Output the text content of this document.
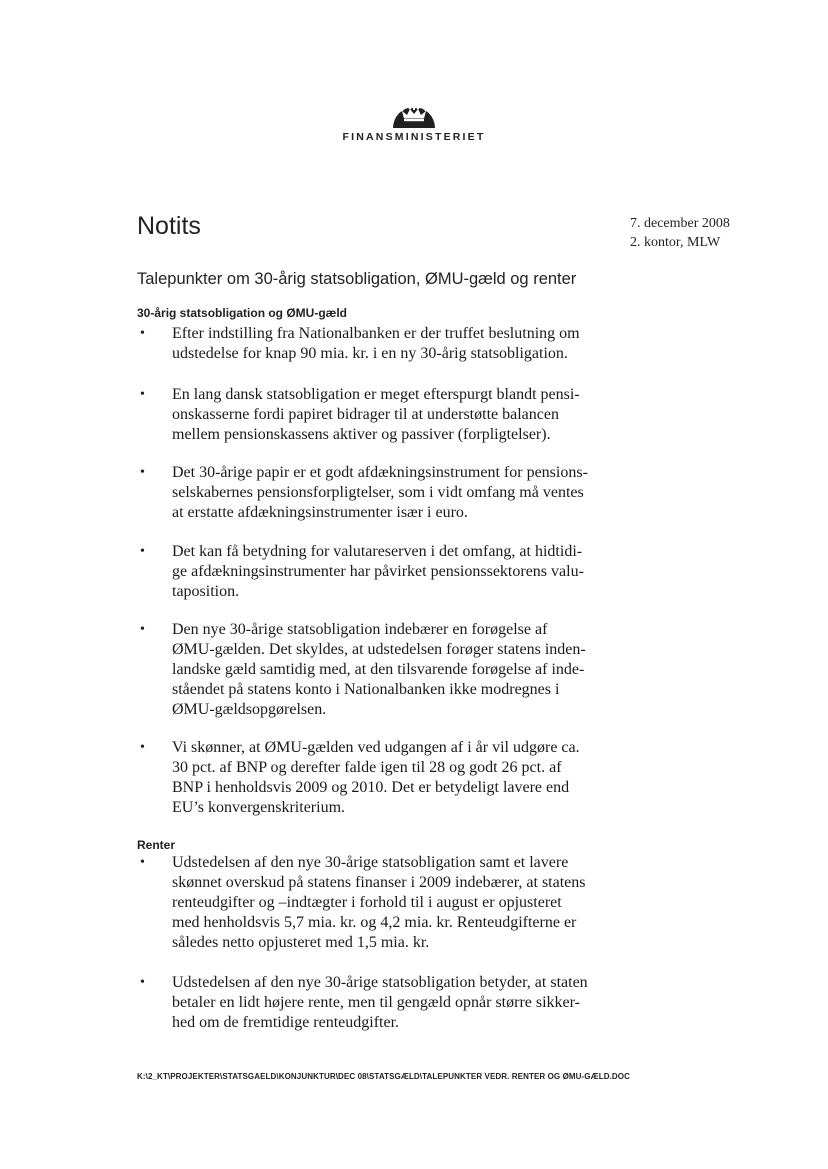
FINANSMINISTERIET
Notits	7. december 2008
2. kontor, MLW
Talepunkter om 30-årig statsobligation, ØMU-gæld og renter
30-årig statsobligation og ØMU-gæld
• Efter indstilling fra Nationalbanken er der truffet beslutning om
udstedelse for knap 90 mia. kr. i en ny 30-årig statsobligation.
• En lang dansk statsobligation er meget efterspurgt blandt pensi-
onskasserne fordi papiret bidrager til at understøtte balancen
mellem pensionskassens aktiver og passiver (forpligtelser).
• Det 30-årige papir er et godt afdækningsinstrument for pensions-
selskabernes pensionsforpligtelser, som i vidt omfang må ventes
at erstatte afdækningsinstrumenter især i euro.
• Det kan få betydning for valutareserven i det omfang, at hidtidi-
ge afdækningsinstrumenter har påvirket pensionssektorens valu-
taposition.
• Den nye 30-årige statsobligation indebærer en forøgelse af
ØMU-gælden. Det skyldes, at udstedelsen forøger statens inden-
landske gæld samtidig med, at den tilsvarende forøgelse af inde-
ståendet på statens konto i Nationalbanken ikke modregnes i
ØMU-gældsopgørelsen.
• Vi skønner, at ØMU-gælden ved udgangen af i år vil udgøre ca.
30 pct. af BNP og derefter falde igen til 28 og godt 26 pct. af
BNP i henholdsvis 2009 og 2010. Det er betydeligt lavere end
EU’s konvergenskriterium.
Renter
• Udstedelsen af den nye 30-årige statsobligation samt et lavere
skønnet overskud på statens finanser i 2009 indebærer, at statens
renteudgifter og –indtægter i forhold til i august er opjusteret
med henholdsvis 5,7 mia. kr. og 4,2 mia. kr. Renteudgifterne er
således netto opjusteret med 1,5 mia. kr.
• Udstedelsen af den nye 30-årige statsobligation betyder, at staten
betaler en lidt højere rente, men til gengæld opnår større sikker-
hed om de fremtidige renteudgifter.
K:\2_KT\PROJEKTER\STATSGAELD\KONJUNKTUR\DEC 08\STATSGÆLD\TALEPUNKTER VEDR. RENTER OG ØMU-GÆLD.DOC
